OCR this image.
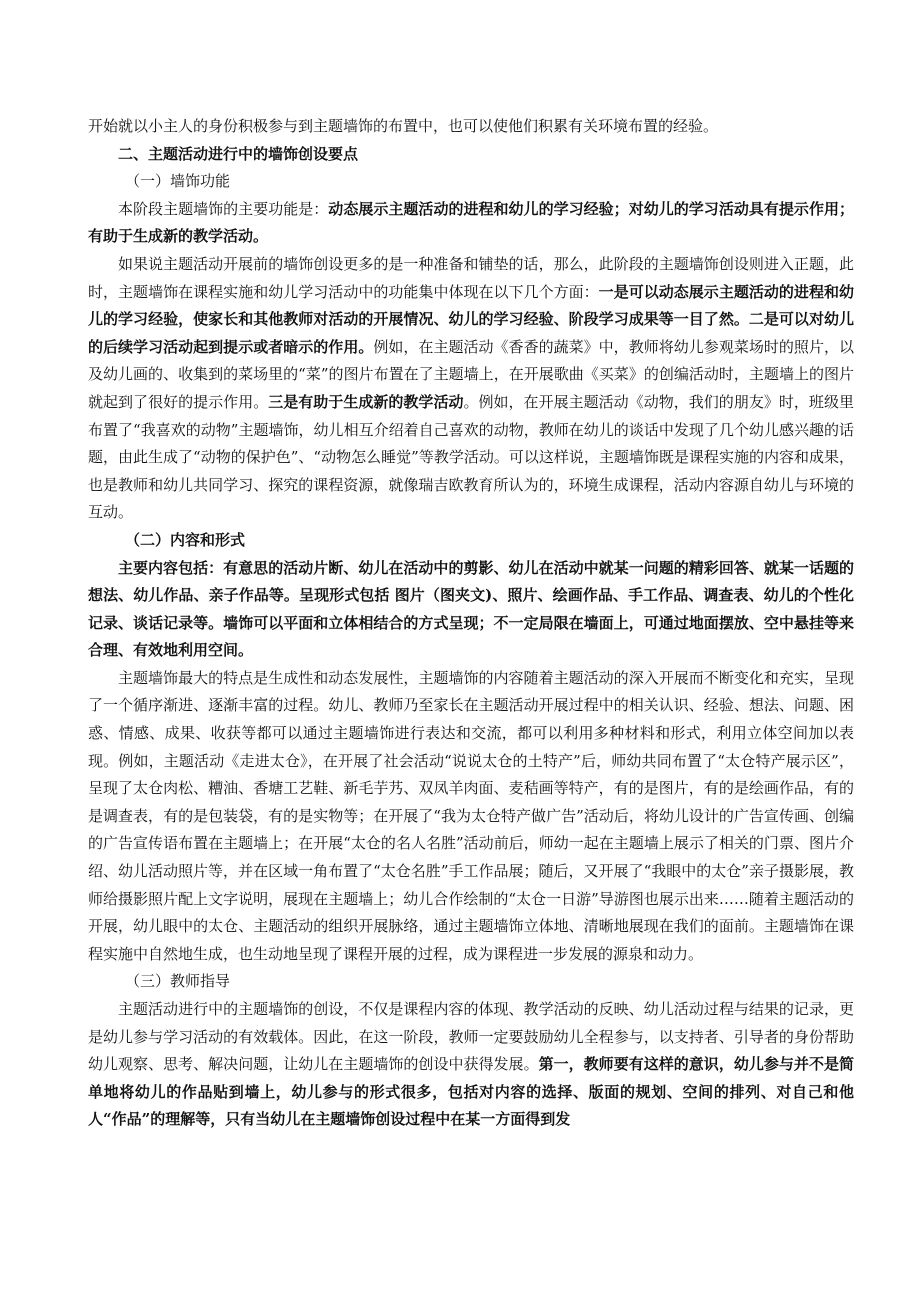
开始就以小主人的身份积极参与到主题墙饰的布置中，也可以使他们积累有关环境布置的经验。

二、主题活动进行中的墙饰创设要点

（一）墙饰功能

本阶段主题墙饰的主要功能是：动态展示主题活动的进程和幼儿的学习经验；对幼儿的学习活动具有提示作用；有助于生成新的教学活动。

如果说主题活动开展前的墙饰创设更多的是一种准备和铺垫的话，那么，此阶段的主题墙饰创设则进入正题，此时，主题墙饰在课程实施和幼儿学习活动中的功能集中体现在以下几个方面：一是可以动态展示主题活动的进程和幼儿的学习经验，使家长和其他教师对活动的开展情况、幼儿的学习经验、阶段学习成果等一目了然。二是可以对幼儿的后续学习活动起到提示或者暗示的作用。例如，在主题活动《香香的蔬菜》中，教师将幼儿参观菜场时的照片，以及幼儿画的、收集到的菜场里的“菜”的图片布置在了主题墙上，在开展歌曲《买菜》的创编活动时，主题墙上的图片就起到了很好的提示作用。三是有助于生成新的教学活动。例如，在开展主题活动《动物，我们的朋友》时，班级里布置了“我喜欢的动物”主题墙饰，幼儿相互介绍着自己喜欢的动物，教师在幼儿的谈话中发现了几个幼儿感兴趣的话题，由此生成了“动物的保护色”、“动物怎么睡觉”等教学活动。可以这样说，主题墙饰既是课程实施的内容和成果，也是教师和幼儿共同学习、探究的课程资源，就像瑞吉欧教育所认为的，环境生成课程，活动内容源自幼儿与环境的互动。

（二）内容和形式

主要内容包括：有意思的活动片断、幼儿在活动中的剪影、幼儿在活动中就某一问题的精彩回答、就某一话题的想法、幼儿作品、亲子作品等。呈现形式包括 图片（图夹文)、照片、绘画作品、手工作品、调查表、幼儿的个性化记录、谈话记录等。墙饰可以平面和立体相结合的方式呈现；不一定局限在墙面上，可通过地面摆放、空中悬挂等来合理、有效地利用空间。

主题墙饰最大的特点是生成性和动态发展性，主题墙饰的内容随着主题活动的深入开展而不断变化和充实，呈现了一个循序渐进、逐渐丰富的过程。幼儿、教师乃至家长在主题活动开展过程中的相关认识、经验、想法、问题、困惑、情感、成果、收获等都可以通过主题墙饰进行表达和交流，都可以利用多种材料和形式，利用立体空间加以表现。例如，主题活动《走进太仓》，在开展了社会活动“说说太仓的土特产”后，师幼共同布置了“太仓特产展示区”，呈现了太仓肉松、糟油、香塘工艺鞋、新毛芋艿、双凤羊肉面、麦秸画等特产，有的是图片，有的是绘画作品，有的是调查表，有的是包装袋，有的是实物等；在开展了“我为太仓特产做广告”活动后，将幼儿设计的广告宣传画、创编的广告宣传语布置在主题墙上；在开展“太仓的名人名胜”活动前后，师幼一起在主题墙上展示了相关的门票、图片介绍、幼儿活动照片等，并在区域一角布置了“太仓名胜”手工作品展；随后，又开展了“我眼中的太仓”亲子摄影展，教师给摄影照片配上文字说明，展现在主题墙上；幼儿合作绘制的“太仓一日游”导游图也展示出来……随着主题活动的开展，幼儿眼中的太仓、主题活动的组织开展脉络，通过主题墙饰立体地、清晰地展现在我们的面前。主题墙饰在课程实施中自然地生成，也生动地呈现了课程开展的过程，成为课程进一步发展的源泉和动力。

（三）教师指导

主题活动进行中的主题墙饰的创设，不仅是课程内容的体现、教学活动的反映、幼儿活动过程与结果的记录，更是幼儿参与学习活动的有效载体。因此，在这一阶段，教师一定要鼓励幼儿全程参与，以支持者、引导者的身份帮助幼儿观察、思考、解决问题，让幼儿在主题墙饰的创设中获得发展。第一，教师要有这样的意识，幼儿参与并不是简单地将幼儿的作品贴到墙上，幼儿参与的形式很多，包括对内容的选择、版面的规划、空间的排列、对自己和他人“作品”的理解等，只有当幼儿在主题墙饰创设过程中在某一方面得到发
